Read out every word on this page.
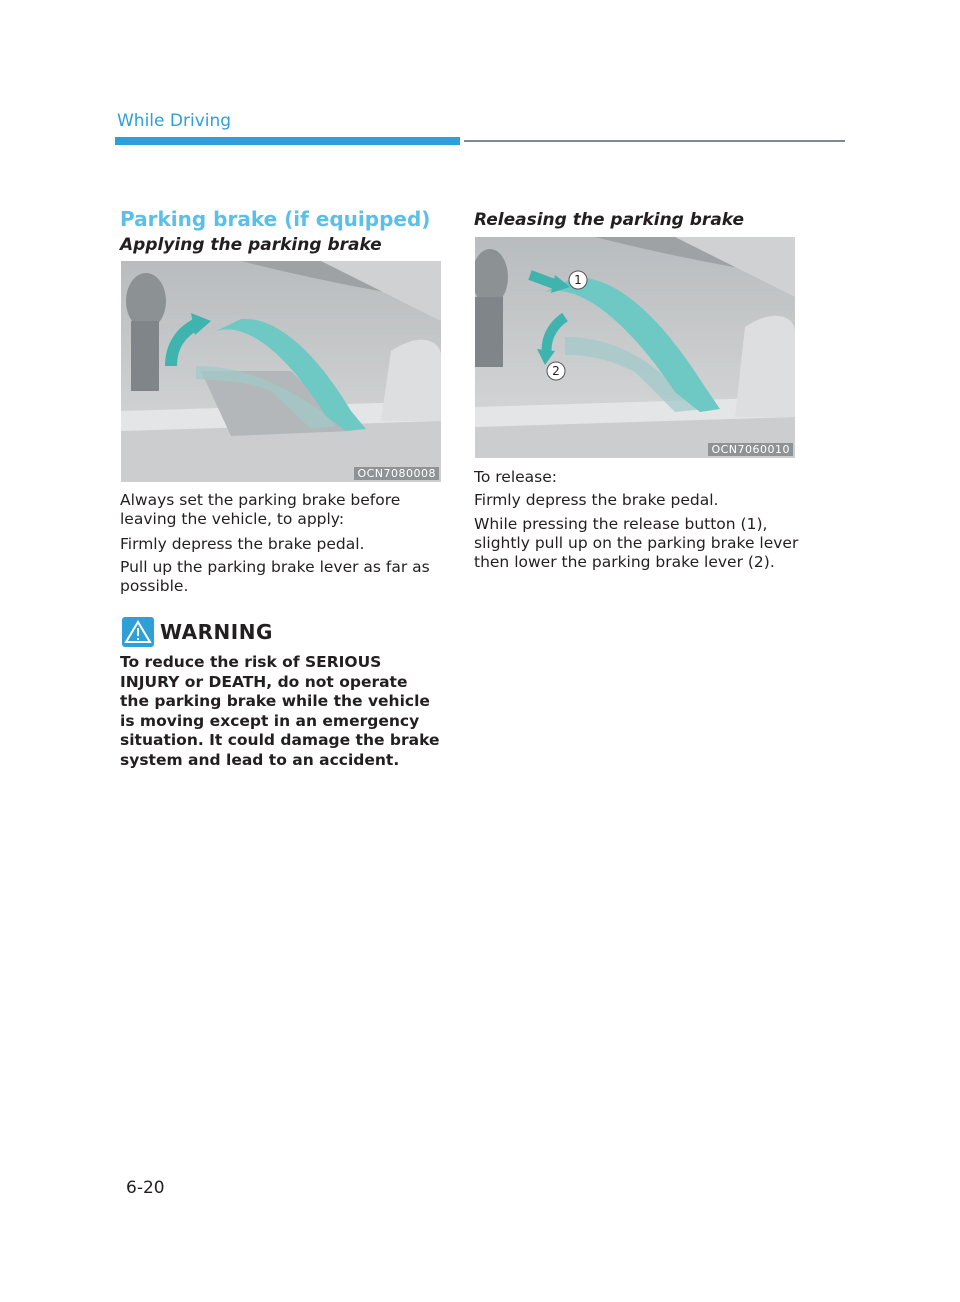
While Driving
Parking brake (if equipped)
Applying the parking brake
OCN7080008
Always set the parking brake before leaving the vehicle, to apply:
Firmly depress the brake pedal.
Pull up the parking brake lever as far as possible.
WARNING
To reduce the risk of SERIOUS INJURY or DEATH, do not operate the parking brake while the vehicle is moving except in an emergency situation. It could damage the brake system and lead to an accident.
Releasing the parking brake
1
2
OCN7060010
To release:
Firmly depress the brake pedal.
While pressing the release button (1), slightly pull up on the parking brake lever then lower the parking brake lever (2).
6-20
